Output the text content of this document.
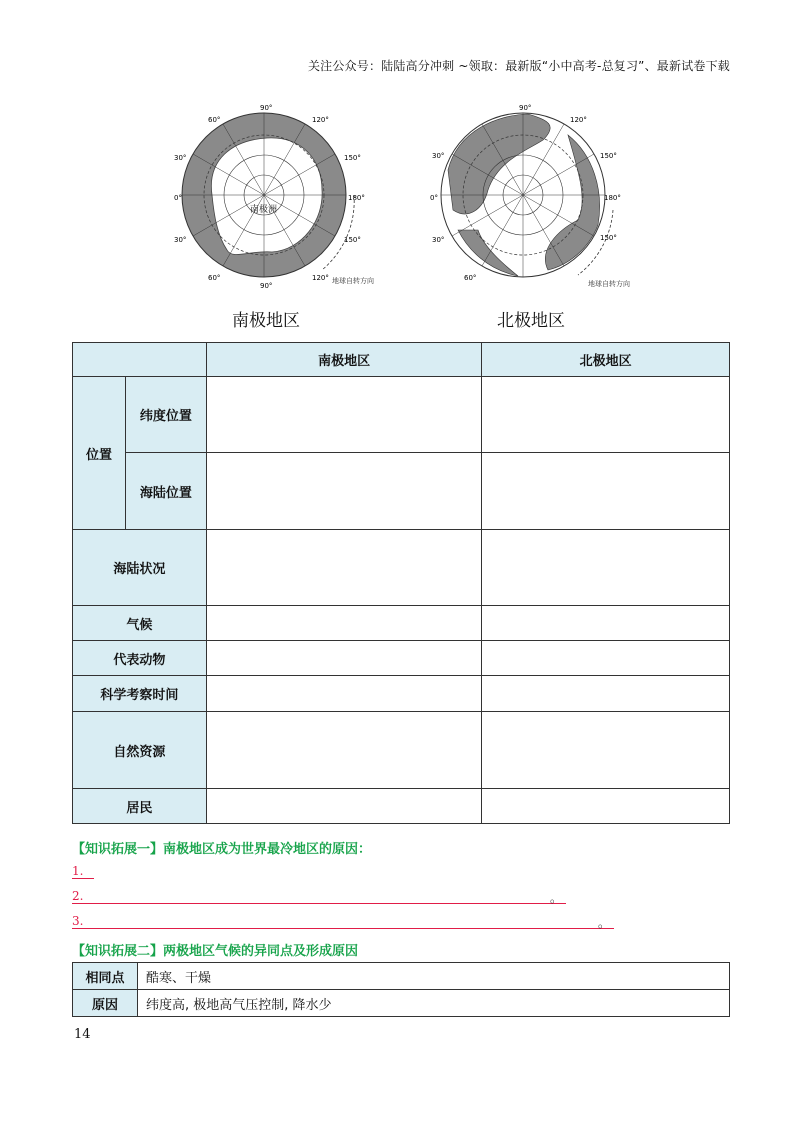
关注公众号：陆陆高分冲刺 ~领取：最新版“小中高考-总复习”、最新试卷下载
地球自转方向
南极洲
90°
120°
150°
180°
150°
120°
90°
60°
30°
0°
30°
60°
南极地区
地球自转方向
90°
120°
150°
180°
150°
0°
30°
30°
60°
北极地区
		南极地区	北极地区
位置	纬度位置		
	海陆位置		
海陆状况			
气候			
代表动物			
科学考察时间			
自然资源			
居民			
【知识拓展一】南极地区成为世界最冷地区的原因：
1.
2.	。
3.	。
【知识拓展二】两极地区气候的异同点及形成原因
相同点	酷寒、干燥
原因	纬度高, 极地高气压控制, 降水少
14
